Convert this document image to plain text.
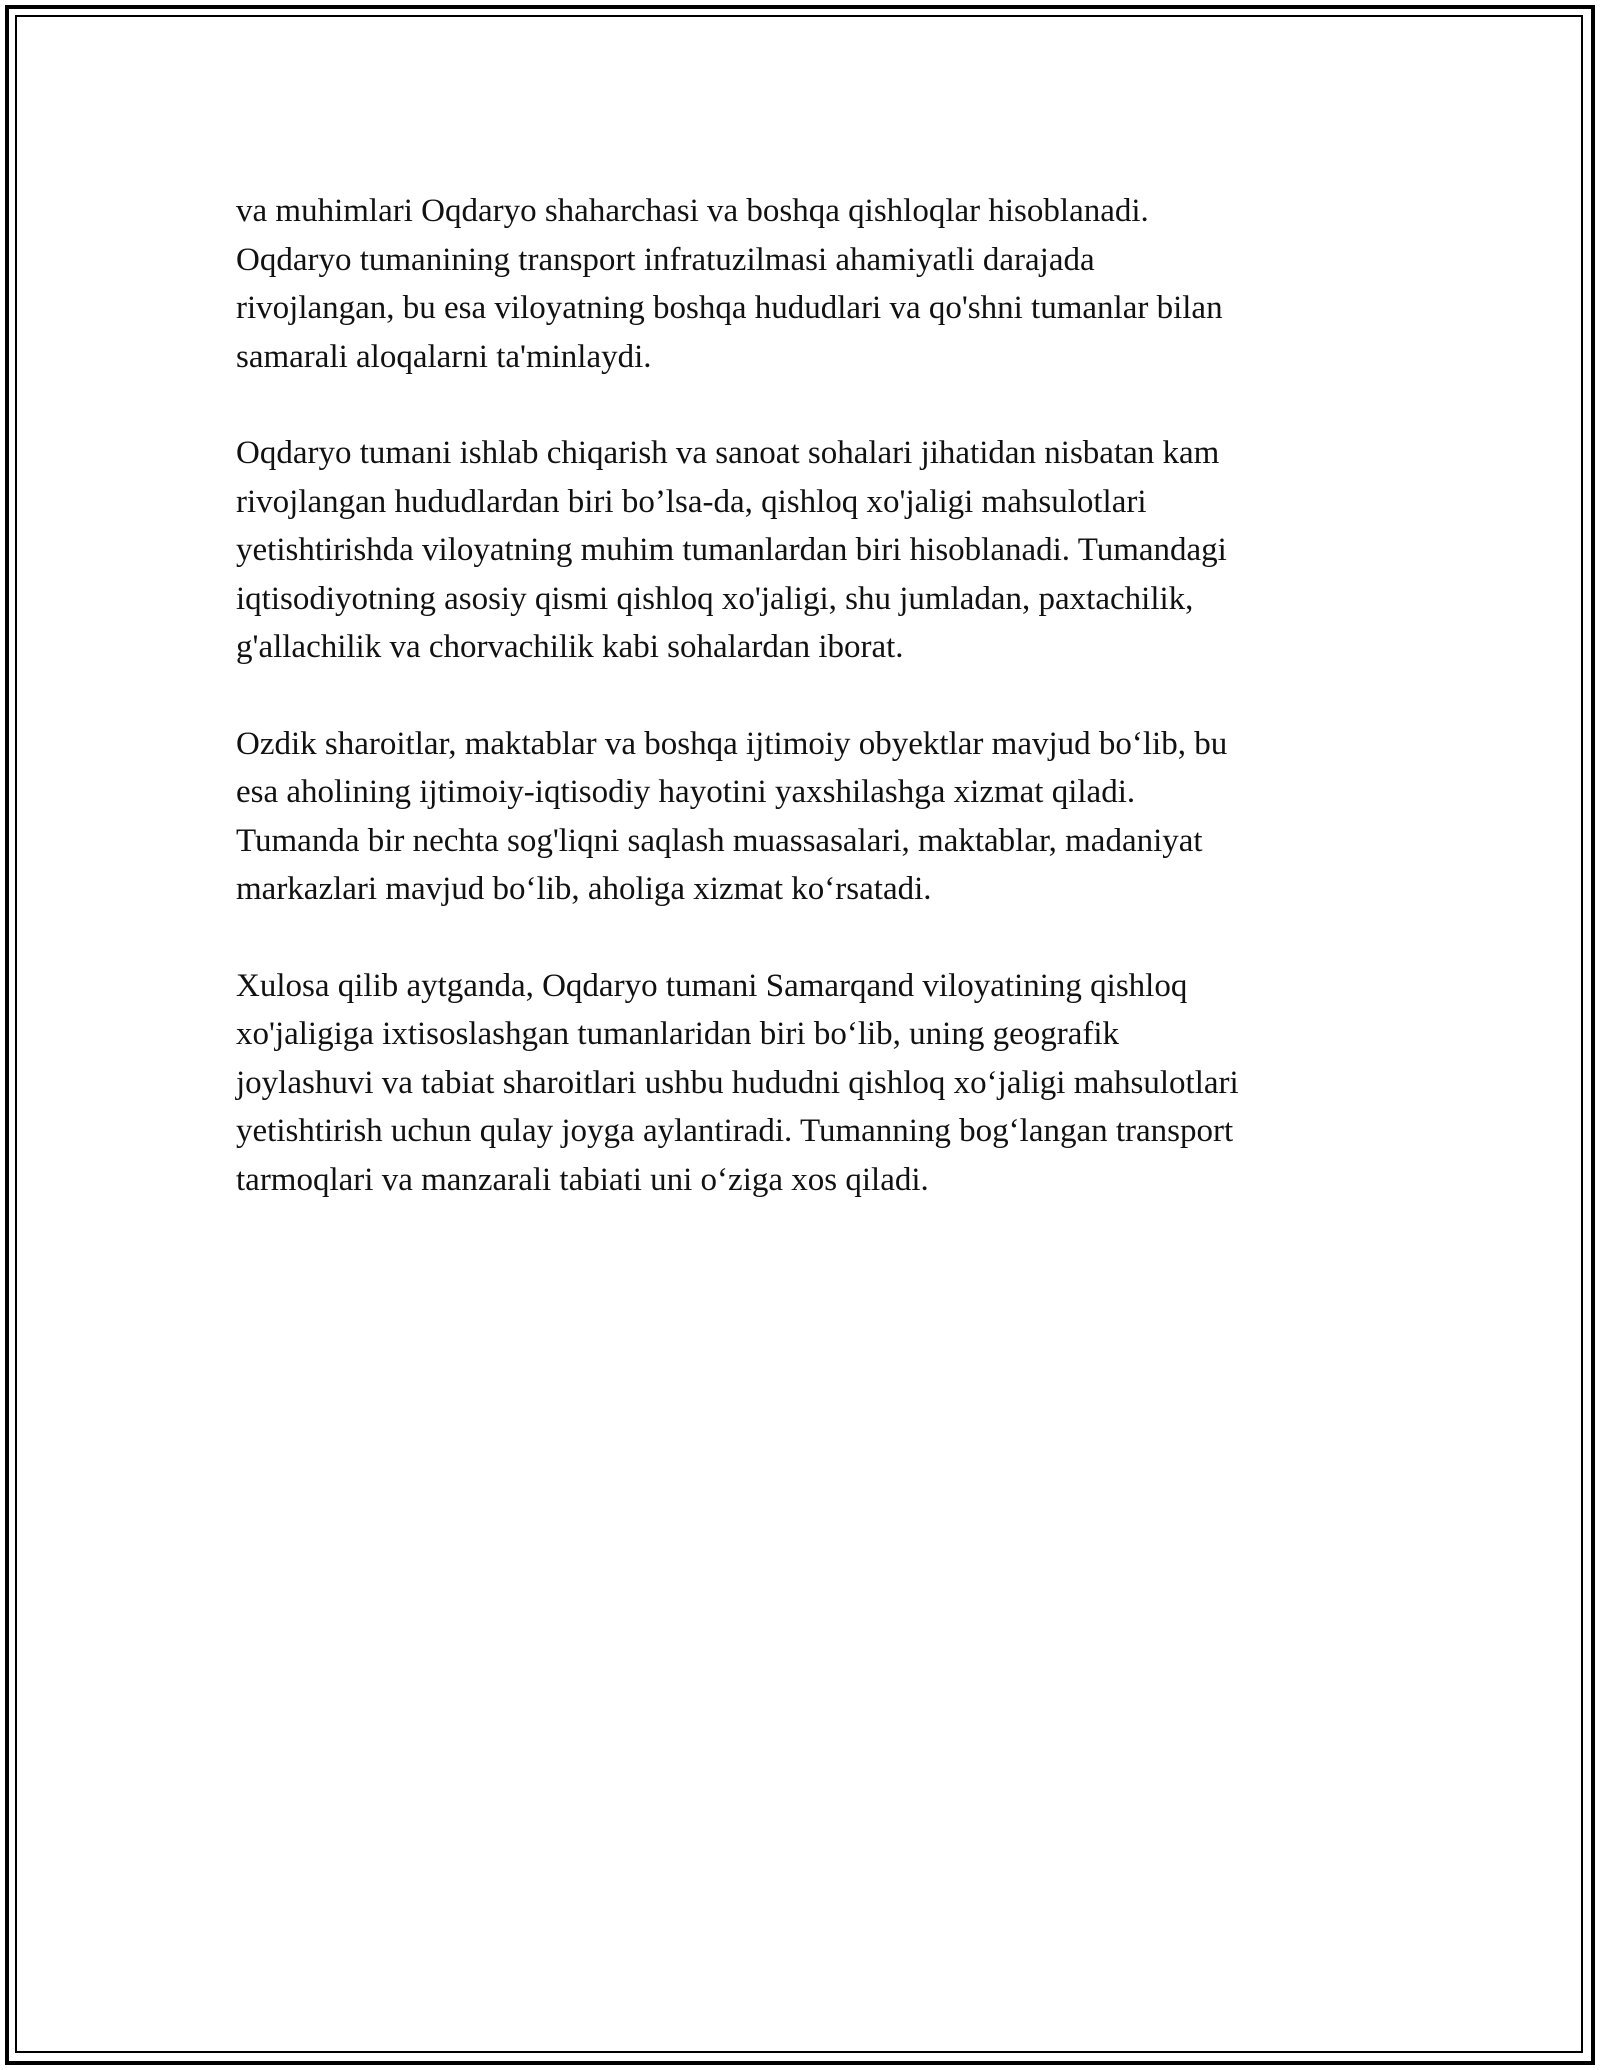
va muhimlari Oqdaryo shaharchasi va boshqa qishloqlar hisoblanadi.
Oqdaryo tumanining transport infratuzilmasi ahamiyatli darajada
rivojlangan, bu esa viloyatning boshqa hududlari va qo'shni tumanlar bilan
samarali aloqalarni ta'minlaydi.

Oqdaryo tumani ishlab chiqarish va sanoat sohalari jihatidan nisbatan kam
rivojlangan hududlardan biri bo’lsa-da, qishloq xo'jaligi mahsulotlari
yetishtirishda viloyatning muhim tumanlardan biri hisoblanadi. Tumandagi
iqtisodiyotning asosiy qismi qishloq xo'jaligi, shu jumladan, paxtachilik,
g'allachilik va chorvachilik kabi sohalardan iborat.

Ozdik sharoitlar, maktablar va boshqa ijtimoiy obyektlar mavjud bo‘lib, bu
esa aholining ijtimoiy-iqtisodiy hayotini yaxshilashga xizmat qiladi.
Tumanda bir nechta sog'liqni saqlash muassasalari, maktablar, madaniyat
markazlari mavjud bo‘lib, aholiga xizmat ko‘rsatadi.

Xulosa qilib aytganda, Oqdaryo tumani Samarqand viloyatining qishloq
xo'jaligiga ixtisoslashgan tumanlaridan biri bo‘lib, uning geografik
joylashuvi va tabiat sharoitlari ushbu hududni qishloq xo‘jaligi mahsulotlari
yetishtirish uchun qulay joyga aylantiradi. Tumanning bog‘langan transport
tarmoqlari va manzarali tabiati uni o‘ziga xos qiladi.
